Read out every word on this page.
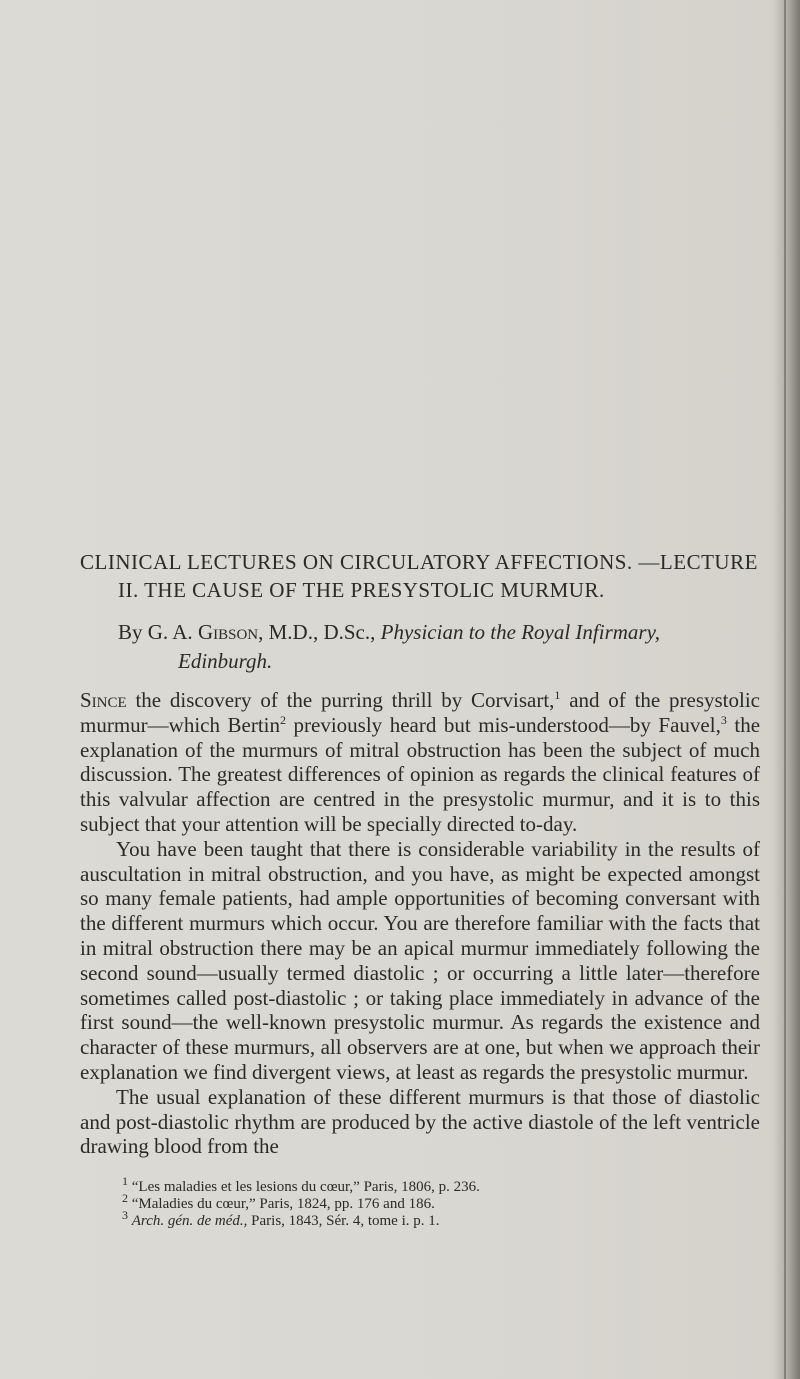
CLINICAL LECTURES ON CIRCULATORY AFFECTIONS. —LECTURE II. THE CAUSE OF THE PRESYSTOLIC MURMUR.

By G. A. Gibson, M.D., D.Sc., Physician to the Royal Infirmary,
Edinburgh.

Since the discovery of the purring thrill by Corvisart,$^1$ and of the presystolic murmur—which Bertin$^2$ previously heard but mis-understood—by Fauvel,$^3$ the explanation of the murmurs of mitral obstruction has been the subject of much discussion. The greatest differences of opinion as regards the clinical features of this valvular affection are centred in the presystolic murmur, and it is to this subject that your attention will be specially directed to-day.

You have been taught that there is considerable variability in the results of auscultation in mitral obstruction, and you have, as might be expected amongst so many female patients, had ample opportunities of becoming conversant with the different murmurs which occur. You are therefore familiar with the facts that in mitral obstruction there may be an apical murmur immediately following the second sound—usually termed diastolic ; or occurring a little later—therefore sometimes called post-diastolic ; or taking place immediately in advance of the first sound—the well-known presystolic murmur. As regards the existence and character of these murmurs, all observers are at one, but when we approach their explanation we find divergent views, at least as regards the presystolic murmur.

The usual explanation of these different murmurs is that those of diastolic and post-diastolic rhythm are produced by the active diastole of the left ventricle drawing blood from the

$^1$ “Les maladies et les lesions du cœur,” Paris, 1806, p. 236.

$^2$ “Maladies du cœur,” Paris, 1824, pp. 176 and 186.

$^3$ Arch. gén. de méd., Paris, 1843, Sér. 4, tome i. p. 1.
